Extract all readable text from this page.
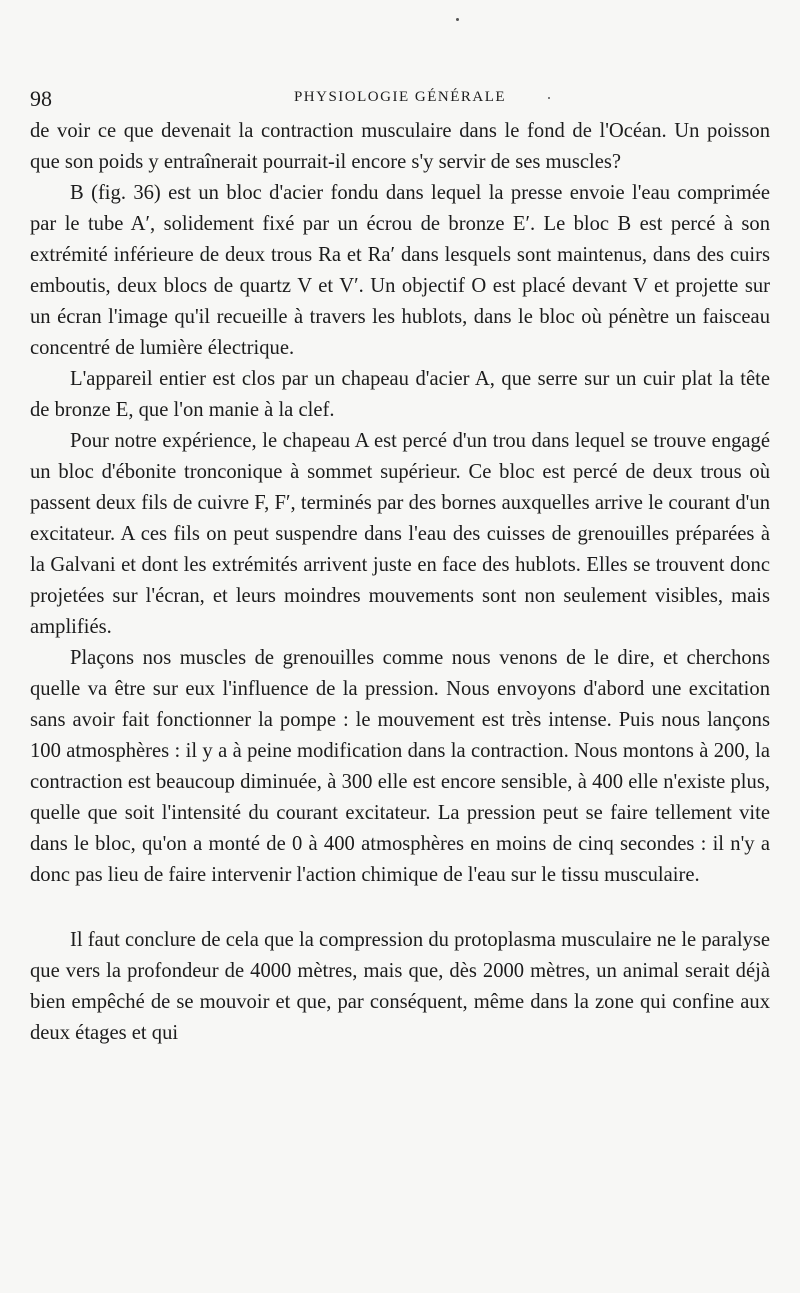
98	PHYSIOLOGIE GÉNÉRALE

de voir ce que devenait la contraction musculaire dans le fond de l'Océan. Un poisson que son poids y entraînerait pourrait-il encore s'y servir de ses muscles?

B (fig. 36) est un bloc d'acier fondu dans lequel la presse envoie l'eau comprimée par le tube A′, solidement fixé par un écrou de bronze E′. Le bloc B est percé à son extrémité inférieure de deux trous Ra et Ra′ dans lesquels sont maintenus, dans des cuirs emboutis, deux blocs de quartz V et V′. Un objectif O est placé devant V et projette sur un écran l'image qu'il recueille à travers les hublots, dans le bloc où pénètre un faisceau concentré de lumière électrique.

L'appareil entier est clos par un chapeau d'acier A, que serre sur un cuir plat la tête de bronze E, que l'on manie à la clef.

Pour notre expérience, le chapeau A est percé d'un trou dans lequel se trouve engagé un bloc d'ébonite tronconique à sommet supérieur. Ce bloc est percé de deux trous où passent deux fils de cuivre F, F′, terminés par des bornes auxquelles arrive le courant d'un excitateur. A ces fils on peut suspendre dans l'eau des cuisses de grenouilles préparées à la Galvani et dont les extrémités arrivent juste en face des hublots. Elles se trouvent donc projetées sur l'écran, et leurs moindres mouvements sont non seulement visibles, mais amplifiés.

Plaçons nos muscles de grenouilles comme nous venons de le dire, et cherchons quelle va être sur eux l'influence de la pression. Nous envoyons d'abord une excitation sans avoir fait fonctionner la pompe : le mouvement est très intense. Puis nous lançons 100 atmosphères : il y a à peine modification dans la contraction. Nous montons à 200, la contraction est beaucoup diminuée, à 300 elle est encore sensible, à 400 elle n'existe plus, quelle que soit l'intensité du courant excitateur. La pression peut se faire tellement vite dans le bloc, qu'on a monté de 0 à 400 atmosphères en moins de cinq secondes : il n'y a donc pas lieu de faire intervenir l'action chimique de l'eau sur le tissu musculaire.

Il faut conclure de cela que la compression du protoplasma musculaire ne le paralyse que vers la profondeur de 4000 mètres, mais que, dès 2000 mètres, un animal serait déjà bien empêché de se mouvoir et que, par conséquent, même dans la zone qui confine aux deux étages et qui
